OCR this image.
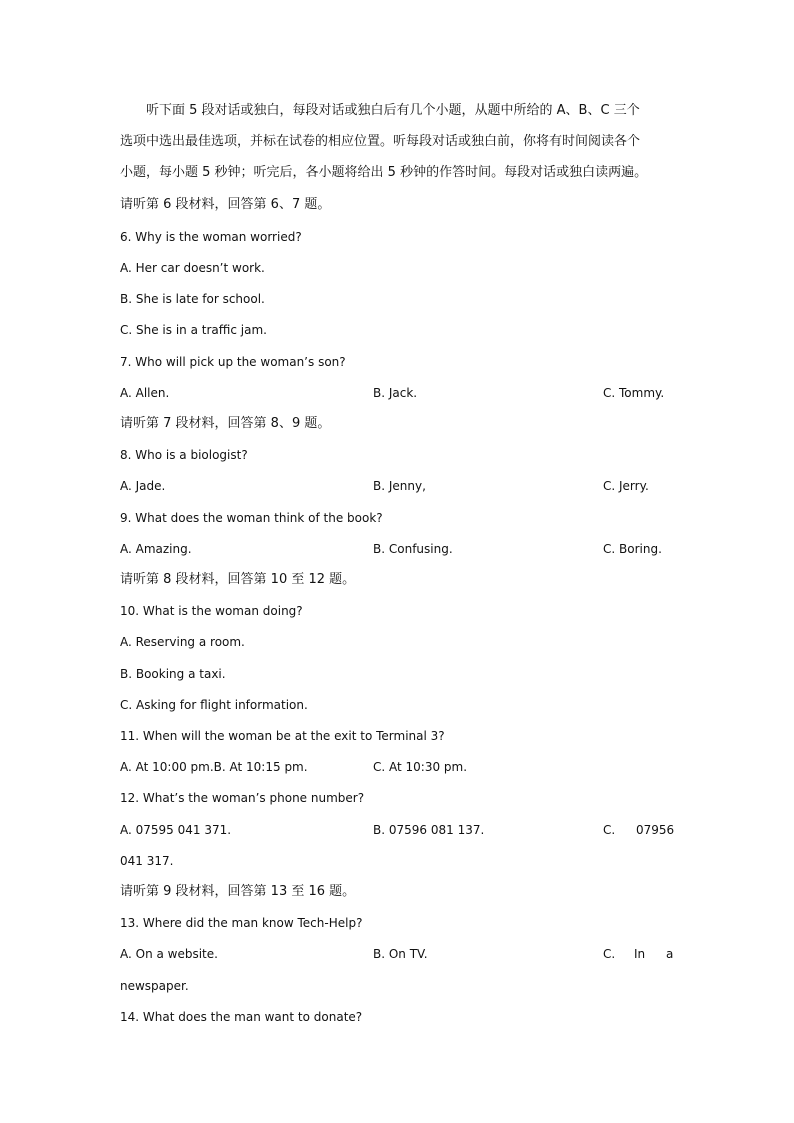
听下面 5 段对话或独白，每段对话或独白后有几个小题，从题中所给的 A、B、C 三个
选项中选出最佳选项，并标在试卷的相应位置。听每段对话或独白前，你将有时间阅读各个
小题，每小题 5 秒钟；听完后，各小题将给出 5 秒钟的作答时间。每段对话或独白读两遍。
请听第 6 段材料，回答第 6、7 题。
6. Why is the woman worried?
A. Her car doesn’t work.
B. She is late for school.
C. She is in a traffic jam.
7. Who will pick up the woman’s son?
A. Allen.	B. Jack.	C. Tommy.
请听第 7 段材料，回答第 8、9 题。
8. Who is a biologist?
A. Jade.	B. Jenny,	C. Jerry.
9. What does the woman think of the book?
A. Amazing.	B. Confusing.	C. Boring.
请听第 8 段材料，回答第 10 至 12 题。
10. What is the woman doing?
A. Reserving a room.
B. Booking a taxi.
C. Asking for flight information.
11. When will the woman be at the exit to Terminal 3?
A. At 10:00 pm.B. At 10:15 pm.	C. At 10:30 pm.
12. What’s the woman’s phone number?
A. 07595 041 371.	B. 07596 081 137.	C. 07956
041 317.
请听第 9 段材料，回答第 13 至 16 题。
13. Where did the man know Tech-Help?
A. On a website.	B. On TV.	C. In a
newspaper.
14. What does the man want to donate?
